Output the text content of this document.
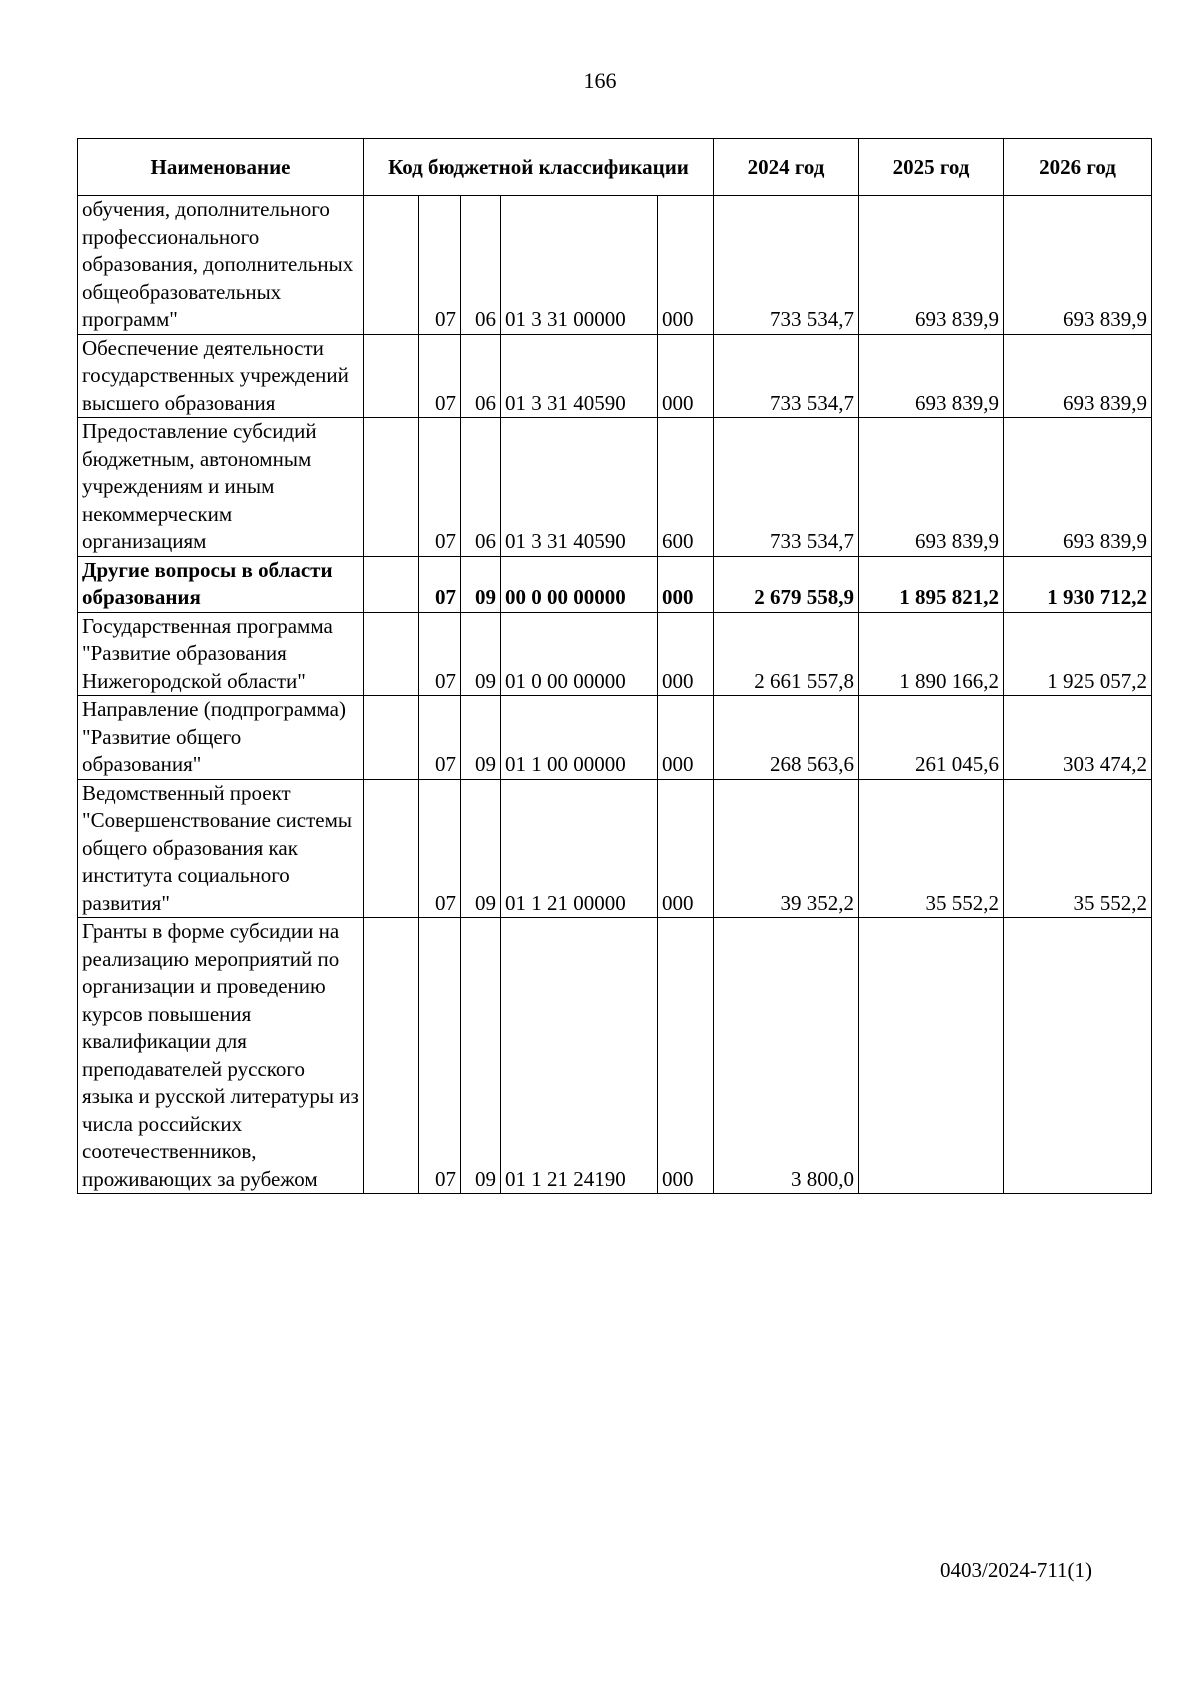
166
Наименование	Код бюджетной классификации					2024 год	2025 год	2026 год
обучения, дополнительного профессионального образования, дополнительных общеобразовательных программ"		07	06	01 3 31 00000	000	733 534,7	693 839,9	693 839,9
Обеспечение деятельности государственных учреждений высшего образования		07	06	01 3 31 40590	000	733 534,7	693 839,9	693 839,9
Предоставление субсидий бюджетным, автономным учреждениям и иным некоммерческим организациям		07	06	01 3 31 40590	600	733 534,7	693 839,9	693 839,9
Другие вопросы в области образования		07	09	00 0 00 00000	000	2 679 558,9	1 895 821,2	1 930 712,2
Государственная программа "Развитие образования Нижегородской области"		07	09	01 0 00 00000	000	2 661 557,8	1 890 166,2	1 925 057,2
Направление (подпрограмма) "Развитие общего образования"		07	09	01 1 00 00000	000	268 563,6	261 045,6	303 474,2
Ведомственный проект "Совершенствование системы общего образования как института социального развития"		07	09	01 1 21 00000	000	39 352,2	35 552,2	35 552,2
Гранты в форме субсидии на реализацию мероприятий по организации и проведению курсов повышения квалификации для преподавателей русского языка и русской литературы из числа российских соотечественников, проживающих за рубежом		07	09	01 1 21 24190	000	3 800,0		
0403/2024-711(1)
